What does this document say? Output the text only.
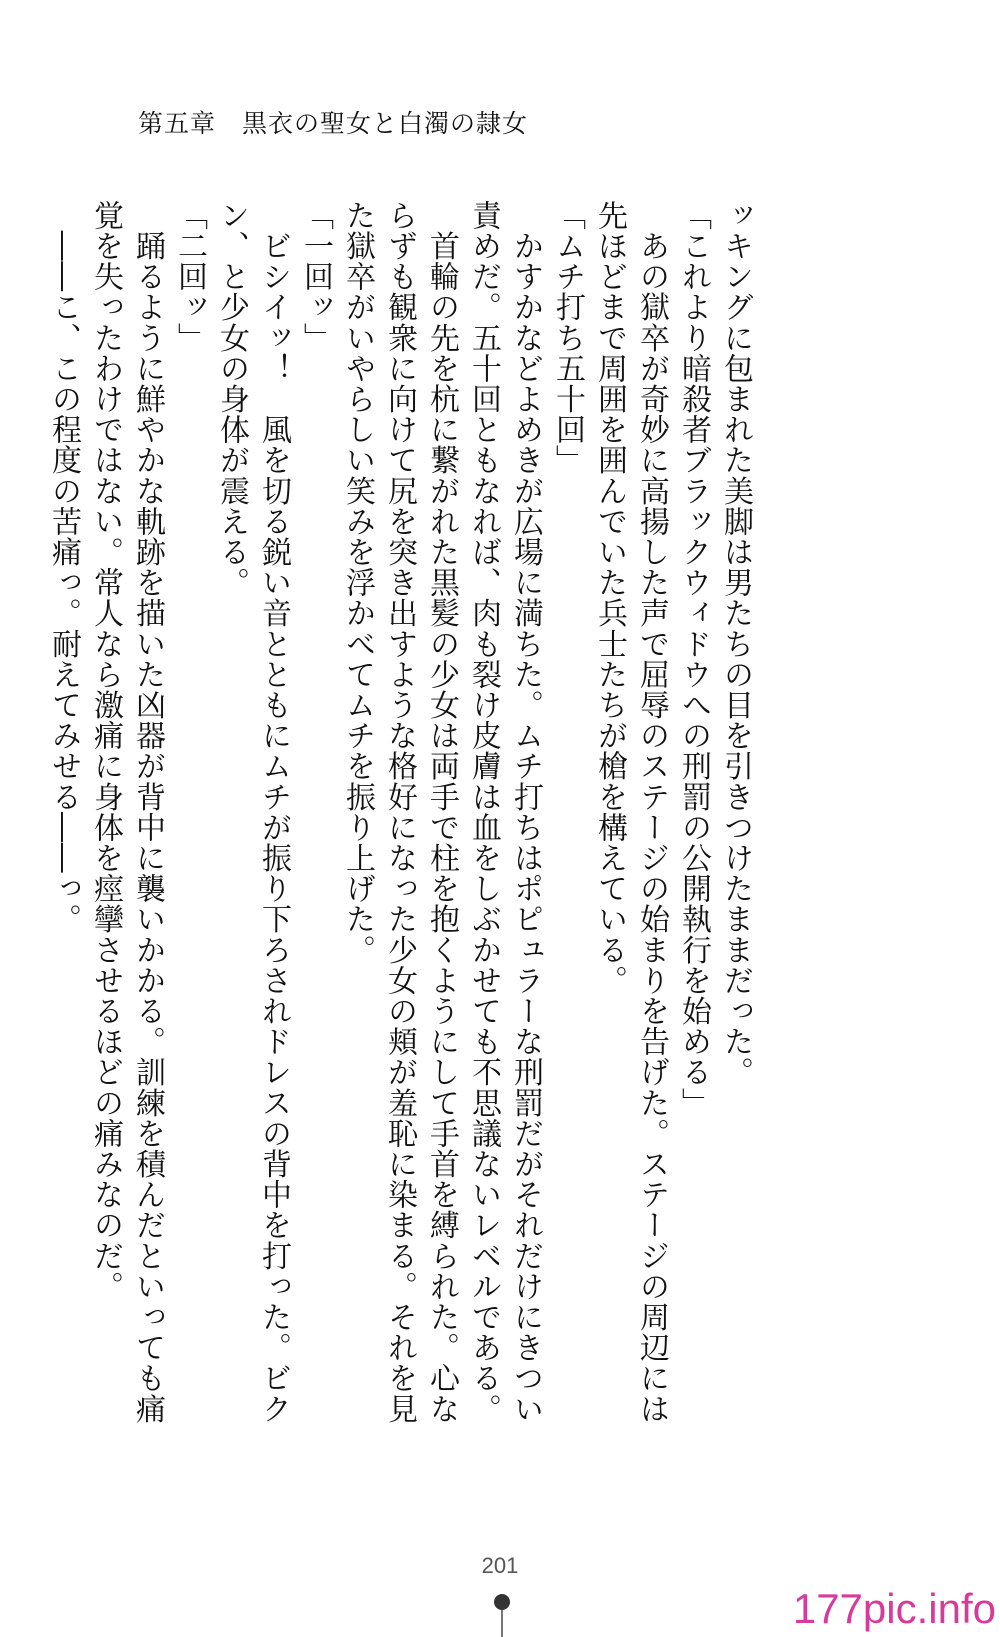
第五章　黒衣の聖女と白濁の隷女
ッキングに包まれた美脚は男たちの目を引きつけたままだった。
「これより暗殺者ブラックウィドウへの刑罰の公開執行を始める」
　あの獄卒が奇妙に高揚した声で屈辱のステージの始まりを告げた。ステージの周辺には
先ほどまで周囲を囲んでいた兵士たちが槍を構えている。
「ムチ打ち五十回」
　かすかなどよめきが広場に満ちた。ムチ打ちはポピュラーな刑罰だがそれだけにきつい
責めだ。五十回ともなれば、肉も裂け皮膚は血をしぶかせても不思議ないレベルである。
　首輪の先を杭に繋がれた黒髪の少女は両手で柱を抱くようにして手首を縛られた。心な
らずも観衆に向けて尻を突き出すような格好になった少女の頬が羞恥に染まる。それを見
た獄卒がいやらしい笑みを浮かべてムチを振り上げた。
「一回ッ」
　ビシイッ！　風を切る鋭い音とともにムチが振り下ろされドレスの背中を打った。ビク
ン、と少女の身体が震える。
「二回ッ」
　踊るように鮮やかな軌跡を描いた凶器が背中に襲いかかる。訓練を積んだといっても痛
覚を失ったわけではない。常人なら激痛に身体を痙攣させるほどの痛みなのだ。
　――こ、この程度の苦痛っ。耐えてみせる――っ。
201
177pic.info
